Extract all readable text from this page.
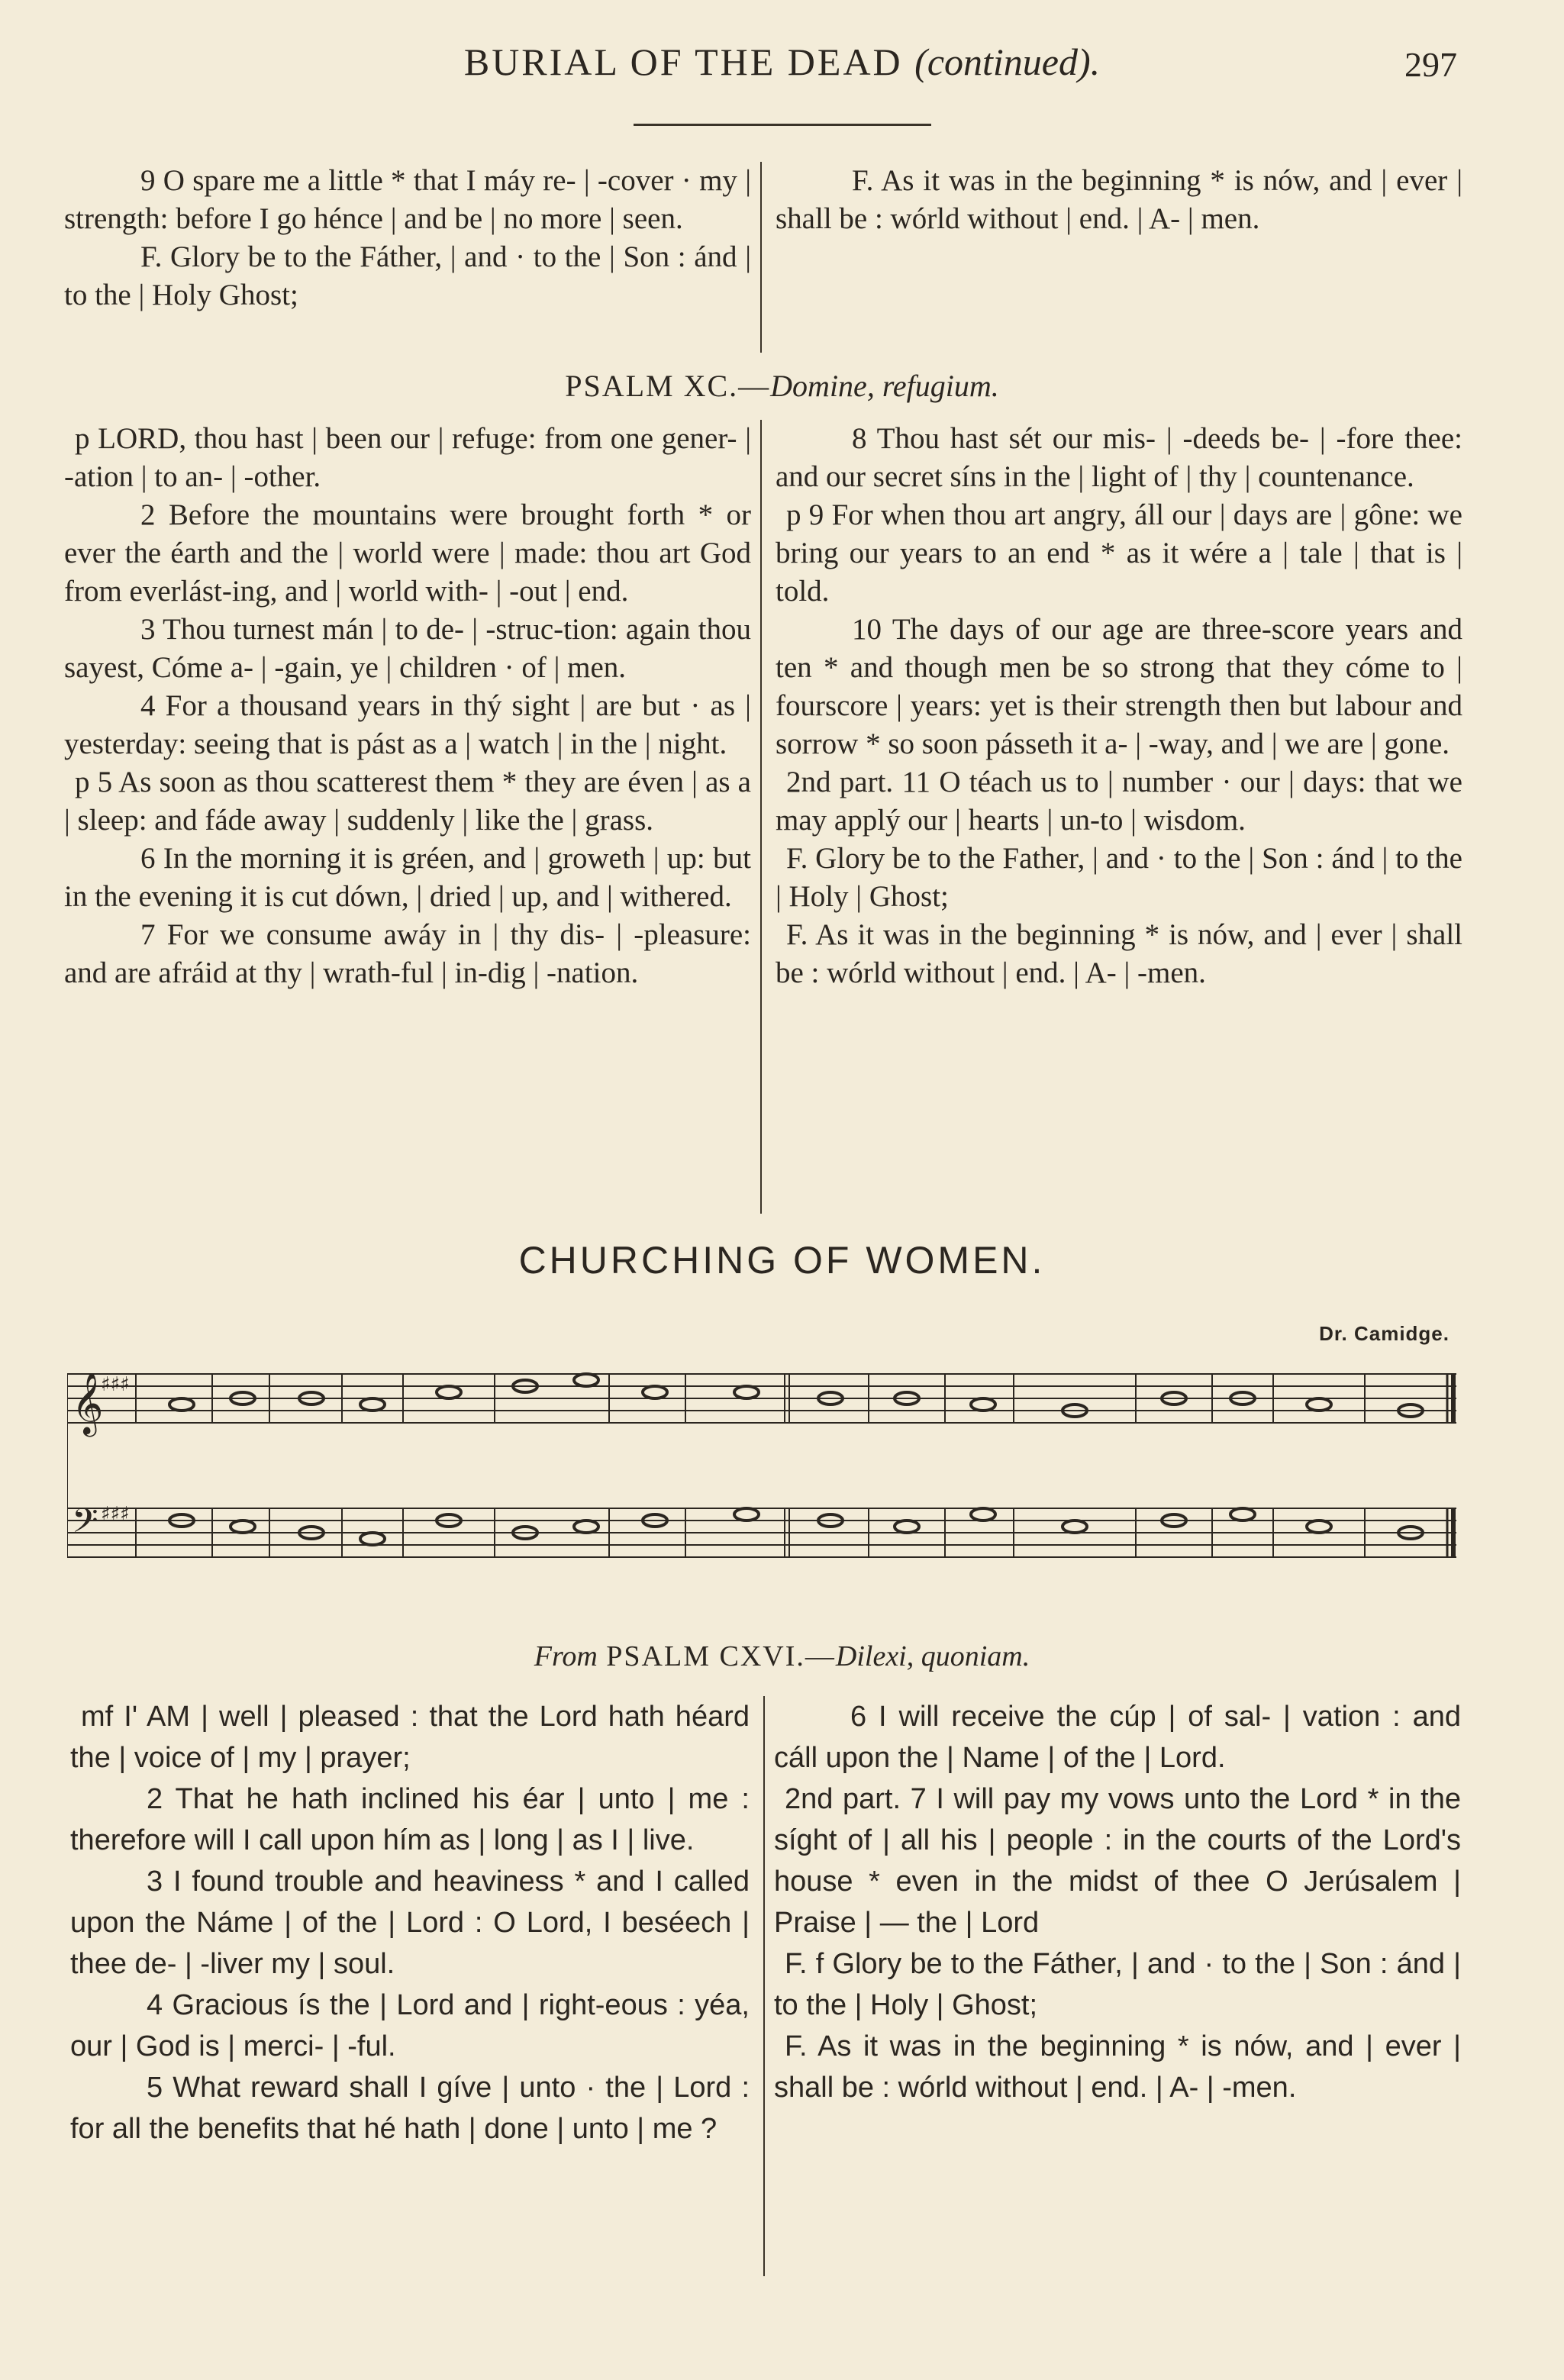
BURIAL OF THE DEAD (continued).	297

9 O spare me a little * that I máy re- | -cover · my | strength: before I go hénce | and be | no more | seen.

F. Glory be to the Fáther, | and · to the | Son : ánd | to the | Holy Ghost;

F. As it was in the beginning * is nów, and | ever | shall be : wórld without | end. | A- | men.

PSALM XC.—Domine, refugium.

p LORD, thou hast | been our | refuge: from one gener- | -ation | to an- | -other.

2 Before the mountains were brought forth * or ever the éarth and the | world were | made: thou art God from everlást-ing, and | world with- | -out | end.

3 Thou turnest mán | to de- | -struc-tion: again thou sayest, Cóme a- | -gain, ye | children · of | men.

4 For a thousand years in thý sight | are but · as | yesterday: seeing that is pást as a | watch | in the | night.

p 5 As soon as thou scatterest them * they are éven | as a | sleep: and fáde away | suddenly | like the | grass.

6 In the morning it is gréen, and | groweth | up: but in the evening it is cut dówn, | dried | up, and | withered.

7 For we consume awáy in | thy dis- | -pleasure: and are afráid at thy | wrath-ful | in-dig | -nation.

8 Thou hast sét our mis- | -deeds be- | -fore thee: and our secret síns in the | light of | thy | countenance.

p 9 For when thou art angry, áll our | days are | gône: we bring our years to an end * as it wére a | tale | that is | told.

10 The days of our age are three-score years and ten * and though men be so strong that they cóme to | fourscore | years: yet is their strength then but labour and sorrow * so soon pásseth it a- | -way, and | we are | gone.

2nd part. 11 O téach us to | number · our | days: that we may applý our | hearts | un-to | wisdom.

F. Glory be to the Father, | and · to the | Son : ánd | to the | Holy | Ghost;

F. As it was in the beginning * is nów, and | ever | shall be : wórld without | end. | A- | -men.

CHURCHING OF WOMEN.
Dr. Camidge.
𝄞
♯♯♯
𝄢 ♯♯♯
From PSALM CXVI.—Dilexi, quoniam.

mf I' AM | well | pleased : that the Lord hath héard the | voice of | my | prayer;

2 That he hath inclined his éar | unto | me : therefore will I call upon hím as | long | as I | live.

3 I found trouble and heaviness * and I called upon the Náme | of the | Lord : O Lord, I beséech | thee de- | -liver my | soul.

4 Gracious ís the | Lord and | right-eous : yéa, our | God is | merci- | -ful.

5 What reward shall I gíve | unto · the | Lord : for all the benefits that hé hath | done | unto | me ?

6 I will receive the cúp | of sal- | vation : and cáll upon the | Name | of the | Lord.

2nd part. 7 I will pay my vows unto the Lord * in the síght of | all his | people : in the courts of the Lord's house * even in the midst of thee O Jerúsalem | Praise | — the | Lord

F. f Glory be to the Fáther, | and · to the | Son : ánd | to the | Holy | Ghost;

F. As it was in the beginning * is nów, and | ever | shall be : wórld without | end. | A- | -men.
